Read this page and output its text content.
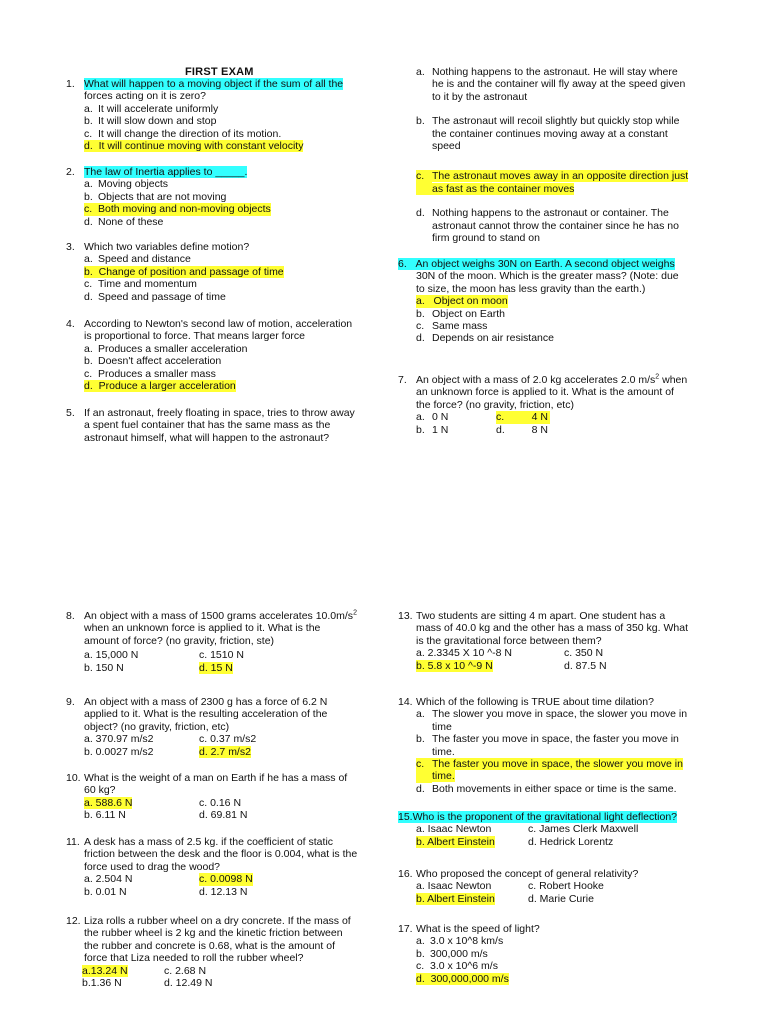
FIRST EXAM
1. What will happen to a moving object if the sum of all the
forces acting on it is zero?
a. It will accelerate uniformly
b. It will slow down and stop
c. It will change the direction of its motion.
d. It will continue moving with constant velocity
2. The law of Inertia applies to _____.
a. Moving objects
b. Objects that are not moving
c. Both moving and non-moving objects
d. None of these
3. Which two variables define motion?
a. Speed and distance
b. Change of position and passage of time
c. Time and momentum
d. Speed and passage of time
4. According to Newton's second law of motion, acceleration
is proportional to force. That means larger force
a. Produces a smaller acceleration
b. Doesn't affect acceleration
c. Produces a smaller mass
d. Produce a larger acceleration
5. If an astronaut, freely floating in space, tries to throw away
a spent fuel container that has the same mass as the
astronaut himself, what will happen to the astronaut?
a. Nothing happens to the astronaut. He will stay where
he is and the container will fly away at the speed given
to it by the astronaut
b. The astronaut will recoil slightly but quickly stop while
the container continues moving away at a constant
speed
c. The astronaut moves away in an opposite direction just
as fast as the container moves
d. Nothing happens to the astronaut or container. The
astronaut cannot throw the container since he has no
firm ground to stand on
6. An object weighs 30N on Earth. A second object weighs
30N of the moon. Which is the greater mass? (Note: due
to size, the moon has less gravity than the earth.)
a. Object on moon
b. Object on Earth
c. Same mass
d. Depends on air resistance
7. An object with a mass of 2.0 kg accelerates 2.0 $m/s^2$ when
an unknown force is applied to it. What is the amount of
the force? (no gravity, friction, etc)
a. 0 N	c.	4 N
b. 1 N	d.	8 N
8. An object with a mass of 1500 grams accelerates $10.0m/s^2$
when an unknown force is applied to it. What is the
amount of force? (no gravity, friction, ste)
a. 15,000 N	c. 1510 N
b. 150 N	d. 15 N
9. An object with a mass of 2300 g has a force of 6.2 N
applied to it. What is the resulting acceleration of the
object? (no gravity, friction, etc)
a. 370.97 m/s2	c. 0.37 m/s2
b. 0.0027 m/s2	d. 2.7 m/s2
10. What is the weight of a man on Earth if he has a mass of
60 kg?
a. 588.6 N	c. 0.16 N
b. 6.11 N	d. 69.81 N
11. A desk has a mass of 2.5 kg. if the coefficient of static
friction between the desk and the floor is 0.004, what is the
force used to drag the wood?
a. 2.504 N	c. 0.0098 N
b. 0.01 N	d. 12.13 N
12. Liza rolls a rubber wheel on a dry concrete. If the mass of
the rubber wheel is 2 kg and the kinetic friction between
the rubber and concrete is 0.68, what is the amount of
force that Liza needed to roll the rubber wheel?
a.13.24 N	c. 2.68 N
b.1.36 N	d. 12.49 N
13. Two students are sitting 4 m apart. One student has a
mass of 40.0 kg and the other has a mass of 350 kg. What
is the gravitational force between them?
a. 2.3345 X 10 ^-8 N	c. 350 N
b. 5.8 x 10 ^-9 N	d. 87.5 N
14. Which of the following is TRUE about time dilation?
a. The slower you move in space, the slower you move in
time
b. The faster you move in space, the faster you move in
time.
c. The faster you move in space, the slower you move in
time.
d. Both movements in either space or time is the same.
15.Who is the proponent of the gravitational light deflection?
a. Isaac Newton	c. James Clerk Maxwell
b. Albert Einstein	d. Hedrick Lorentz
16. Who proposed the concept of general relativity?
a. Isaac Newton	c. Robert Hooke
b. Albert Einstein	d. Marie Curie
17. What is the speed of light?
a. 3.0 x 10^8 km/s
b. 300,000 m/s
c. 3.0 x 10^6 m/s
d. 300,000,000 m/s
